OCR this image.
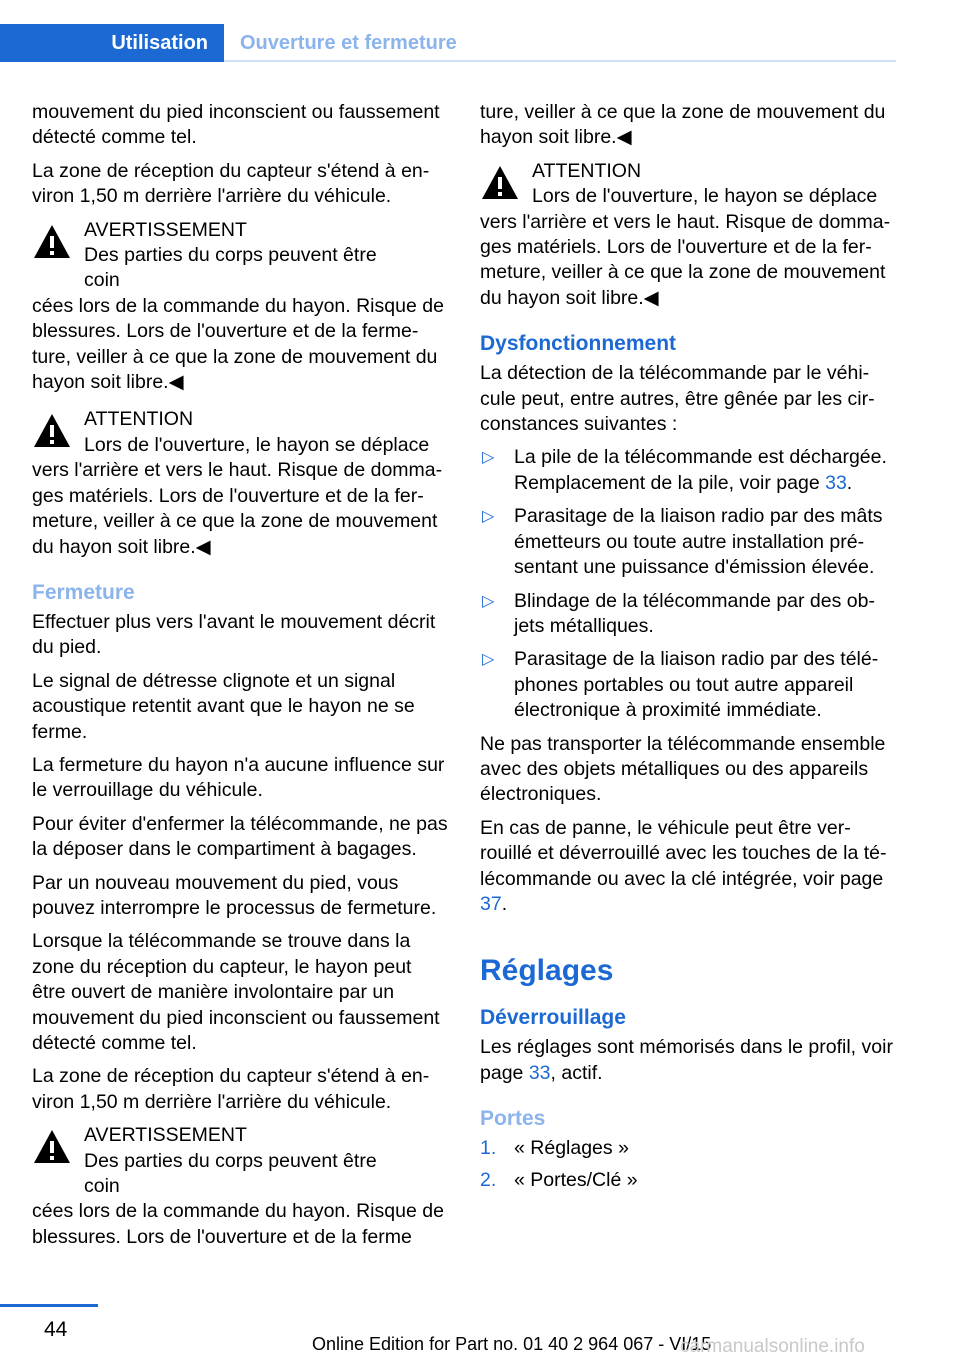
Utilisation	Ouverture et fermeture

mouvement du pied inconscient ou faussement détecté comme tel.

La zone de réception du capteur s'étend à environ 1,50 m derrière l'arrière du véhicule.

AVERTISSEMENT
Des parties du corps peuvent être coin
cées lors de la commande du hayon. Risque de blessures. Lors de l'ouverture et de la fermeture, veiller à ce que la zone de mouvement du hayon soit libre.◀
ATTENTION
Lors de l'ouverture, le hayon se déplace
vers l'arrière et vers le haut. Risque de dommages matériels. Lors de l'ouverture et de la fermeture, veiller à ce que la zone de mouvement du hayon soit libre.◀
Fermeture

Effectuer plus vers l'avant le mouvement décrit du pied.

Le signal de détresse clignote et un signal acoustique retentit avant que le hayon ne se ferme.

La fermeture du hayon n'a aucune influence sur le verrouillage du véhicule.

Pour éviter d'enfermer la télécommande, ne pas la déposer dans le compartiment à bagages.

Par un nouveau mouvement du pied, vous pouvez interrompre le processus de fermeture.

Lorsque la télécommande se trouve dans la zone du réception du capteur, le hayon peut être ouvert de manière involontaire par un mouvement du pied inconscient ou faussement détecté comme tel.

La zone de réception du capteur s'étend à environ 1,50 m derrière l'arrière du véhicule.

AVERTISSEMENT
Des parties du corps peuvent être coin
cées lors de la commande du hayon. Risque de blessures. Lors de l'ouverture et de la ferme

ture, veiller à ce que la zone de mouvement du hayon soit libre.◀

ATTENTION
Lors de l'ouverture, le hayon se déplace
vers l'arrière et vers le haut. Risque de dommages matériels. Lors de l'ouverture et de la fermeture, veiller à ce que la zone de mouvement du hayon soit libre.◀
Dysfonctionnement

La détection de la télécommande par le véhicule peut, entre autres, être gênée par les circonstances suivantes :

▷ La pile de la télécommande est déchargée. Remplacement de la pile, voir page 33.
▷ Parasitage de la liaison radio par des mâts émetteurs ou toute autre installation présentant une puissance d'émission élevée.
▷ Blindage de la télécommande par des objets métalliques.
▷ Parasitage de la liaison radio par des téléphones portables ou tout autre appareil électronique à proximité immédiate.

Ne pas transporter la télécommande ensemble avec des objets métalliques ou des appareils électroniques.

En cas de panne, le véhicule peut être verrouillé et déverrouillé avec les touches de la télécommande ou avec la clé intégrée, voir page 37.

Réglages
Déverrouillage

Les réglages sont mémorisés dans le profil, voir page 33, actif.

Portes
1. « Réglages »
2. « Portes/Clé »
44
Online Edition for Part no. 01 40 2 964 067 - VI/15
carmanualsonline.info
